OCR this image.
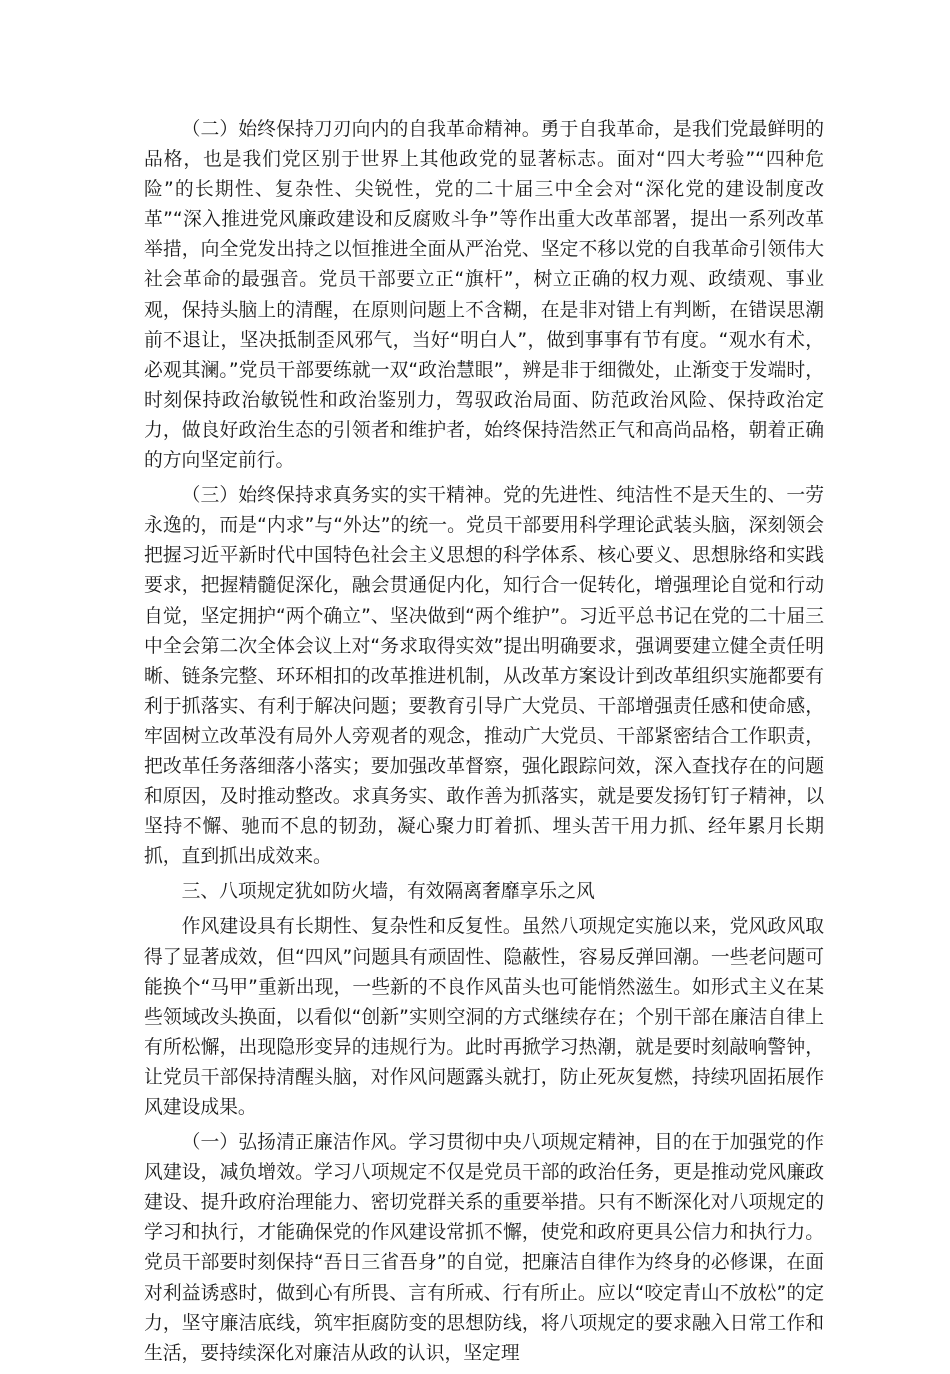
（二）始终保持刀刃向内的自我革命精神。勇于自我革命，是我们党最鲜明的品格，也是我们党区别于世界上其他政党的显著标志。面对“四大考验”“四种危险”的长期性、复杂性、尖锐性，党的二十届三中全会对“深化党的建设制度改革”“深入推进党风廉政建设和反腐败斗争”等作出重大改革部署，提出一系列改革举措，向全党发出持之以恒推进全面从严治党、坚定不移以党的自我革命引领伟大社会革命的最强音。党员干部要立正“旗杆”，树立正确的权力观、政绩观、事业观，保持头脑上的清醒，在原则问题上不含糊，在是非对错上有判断，在错误思潮前不退让，坚决抵制歪风邪气，当好“明白人”，做到事事有节有度。“观水有术，必观其澜。”党员干部要练就一双“政治慧眼”，辨是非于细微处，止渐变于发端时，时刻保持政治敏锐性和政治鉴别力，驾驭政治局面、防范政治风险、保持政治定力，做良好政治生态的引领者和维护者，始终保持浩然正气和高尚品格，朝着正确的方向坚定前行。

（三）始终保持求真务实的实干精神。党的先进性、纯洁性不是天生的、一劳永逸的，而是“内求”与“外达”的统一。党员干部要用科学理论武装头脑，深刻领会把握习近平新时代中国特色社会主义思想的科学体系、核心要义、思想脉络和实践要求，把握精髓促深化，融会贯通促内化，知行合一促转化，增强理论自觉和行动自觉，坚定拥护“两个确立”、坚决做到“两个维护”。习近平总书记在党的二十届三中全会第二次全体会议上对“务求取得实效”提出明确要求，强调要建立健全责任明晰、链条完整、环环相扣的改革推进机制，从改革方案设计到改革组织实施都要有利于抓落实、有利于解决问题；要教育引导广大党员、干部增强责任感和使命感，牢固树立改革没有局外人旁观者的观念，推动广大党员、干部紧密结合工作职责，把改革任务落细落小落实；要加强改革督察，强化跟踪问效，深入查找存在的问题和原因，及时推动整改。求真务实、敢作善为抓落实，就是要发扬钉钉子精神，以坚持不懈、驰而不息的韧劲，凝心聚力盯着抓、埋头苦干用力抓、经年累月长期抓，直到抓出成效来。

三、八项规定犹如防火墙，有效隔离奢靡享乐之风

作风建设具有长期性、复杂性和反复性。虽然八项规定实施以来，党风政风取得了显著成效，但“四风”问题具有顽固性、隐蔽性，容易反弹回潮。一些老问题可能换个“马甲”重新出现，一些新的不良作风苗头也可能悄然滋生。如形式主义在某些领域改头换面，以看似“创新”实则空洞的方式继续存在；个别干部在廉洁自律上有所松懈，出现隐形变异的违规行为。此时再掀学习热潮，就是要时刻敲响警钟，让党员干部保持清醒头脑，对作风问题露头就打，防止死灰复燃，持续巩固拓展作风建设成果。

（一）弘扬清正廉洁作风。学习贯彻中央八项规定精神，目的在于加强党的作风建设，减负增效。学习八项规定不仅是党员干部的政治任务，更是推动党风廉政建设、提升政府治理能力、密切党群关系的重要举措。只有不断深化对八项规定的学习和执行，才能确保党的作风建设常抓不懈，使党和政府更具公信力和执行力。党员干部要时刻保持“吾日三省吾身”的自觉，把廉洁自律作为终身的必修课，在面对利益诱惑时，做到心有所畏、言有所戒、行有所止。应以“咬定青山不放松”的定力，坚守廉洁底线，筑牢拒腐防变的思想防线，将八项规定的要求融入日常工作和生活，要持续深化对廉洁从政的认识，坚定理
